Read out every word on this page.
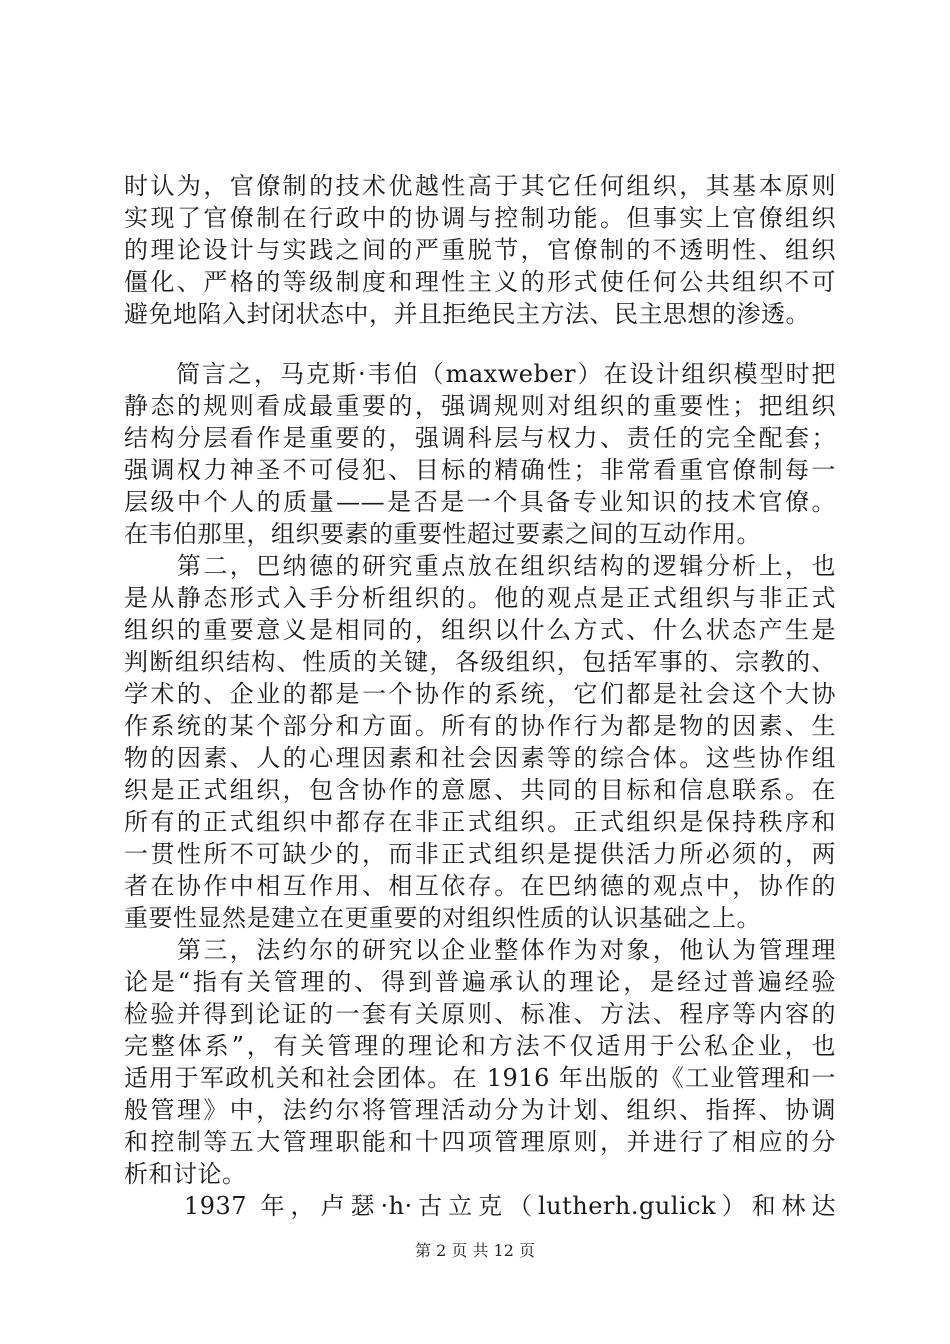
时认为，官僚制的技术优越性高于其它任何组织，其基本原则
实现了官僚制在行政中的协调与控制功能。但事实上官僚组织
的理论设计与实践之间的严重脱节，官僚制的不透明性、组织
僵化、严格的等级制度和理性主义的形式使任何公共组织不可
避免地陷入封闭状态中，并且拒绝民主方法、民主思想的渗透。
　　简言之，马克斯·韦伯（maxweber）在设计组织模型时把
静态的规则看成最重要的，强调规则对组织的重要性；把组织
结构分层看作是重要的，强调科层与权力、责任的完全配套；
强调权力神圣不可侵犯、目标的精确性；非常看重官僚制每一
层级中个人的质量——是否是一个具备专业知识的技术官僚。
在韦伯那里，组织要素的重要性超过要素之间的互动作用。
　　第二，巴纳德的研究重点放在组织结构的逻辑分析上，也
是从静态形式入手分析组织的。他的观点是正式组织与非正式
组织的重要意义是相同的，组织以什么方式、什么状态产生是
判断组织结构、性质的关键，各级组织，包括军事的、宗教的、
学术的、企业的都是一个协作的系统，它们都是社会这个大协
作系统的某个部分和方面。所有的协作行为都是物的因素、生
物的因素、人的心理因素和社会因素等的综合体。这些协作组
织是正式组织，包含协作的意愿、共同的目标和信息联系。在
所有的正式组织中都存在非正式组织。正式组织是保持秩序和
一贯性所不可缺少的，而非正式组织是提供活力所必须的，两
者在协作中相互作用、相互依存。在巴纳德的观点中，协作的
重要性显然是建立在更重要的对组织性质的认识基础之上。
　　第三，法约尔的研究以企业整体作为对象，他认为管理理
论是“指有关管理的、得到普遍承认的理论，是经过普遍经验
检验并得到论证的一套有关原则、标准、方法、程序等内容的
完整体系”，有关管理的理论和方法不仅适用于公私企业，也
适用于军政机关和社会团体。在 1916 年出版的《工业管理和一
般管理》中，法约尔将管理活动分为计划、组织、指挥、协调
和控制等五大管理职能和十四项管理原则，并进行了相应的分
析和讨论。
　　1937 年，卢瑟·h·古立克（lutherh.gulick）和林达
第 2 页 共 12 页
